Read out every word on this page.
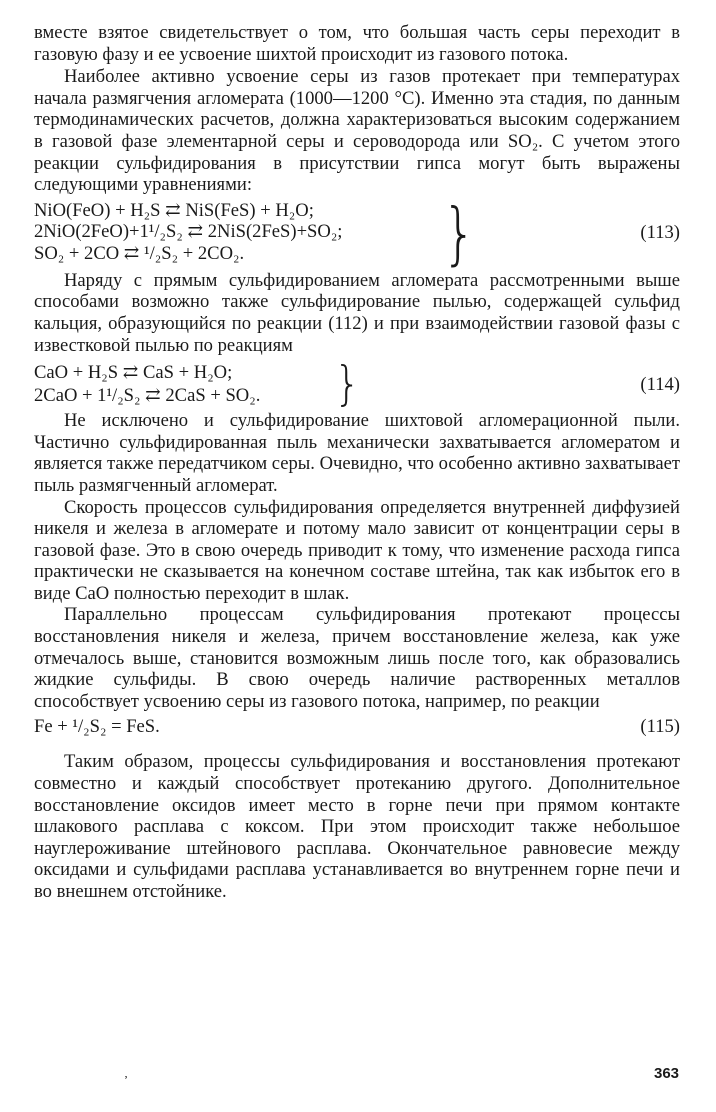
вместе взятое свидетельствует о том, что большая часть серы переходит в газовую фазу и ее усвоение шихтой происходит из газового потока.

Наиболее активно усвоение серы из газов протекает при температурах начала размягчения агломерата (1000—1200 °С). Именно эта стадия, по данным термодинамических расчетов, должна характеризоваться высоким содержанием в газовой фазе элементарной серы и сероводорода или SO₂. С учетом этого реакции сульфидирования в присутствии гипса могут быть выражены следующими уравнениями:

NiO(FeO) + H₂S ⇄ NiS(FeS) + H₂O;
2NiO(2FeO)+1¹/₂S₂ ⇄ 2NiS(2FeS)+SO₂;
SO₂ + 2CO ⇄ ¹/₂S₂ + 2CO₂.	}	(113)

Наряду с прямым сульфидированием агломерата рассмотренными выше способами возможно также сульфидирование пылью, содержащей сульфид кальция, образующийся по реакции (112) и при взаимодействии газовой фазы с известковой пылью по реакциям

CaO + H₂S ⇄ CaS + H₂O;
2CaO + 1¹/₂S₂ ⇄ 2CaS + SO₂.	}	(114)

Не исключено и сульфидирование шихтовой агломерационной пыли. Частично сульфидированная пыль механически захватывается агломератом и является также передатчиком серы. Очевидно, что особенно активно захватывает пыль размягченный агломерат.

Скорость процессов сульфидирования определяется внутренней диффузией никеля и железа в агломерате и потому мало зависит от концентрации серы в газовой фазе. Это в свою очередь приводит к тому, что изменение расхода гипса практически не сказывается на конечном составе штейна, так как избыток его в виде CaO полностью переходит в шлак.

Параллельно процессам сульфидирования протекают процессы восстановления никеля и железа, причем восстановление железа, как уже отмечалось выше, становится возможным лишь после того, как образовались жидкие сульфиды. В свою очередь наличие растворенных металлов способствует усвоению серы из газового потока, например, по реакции

Fe + ¹/₂S₂ = FeS.	(115)

Таким образом, процессы сульфидирования и восстановления протекают совместно и каждый способствует протеканию другого. Дополнительное восстановление оксидов имеет место в горне печи при прямом контакте шлакового расплава с коксом. При этом происходит также небольшое науглероживание штейнового расплава. Окончательное равновесие между оксидами и сульфидами расплава устанавливается во внутреннем горне печи и во внешнем отстойнике.

‚	363
